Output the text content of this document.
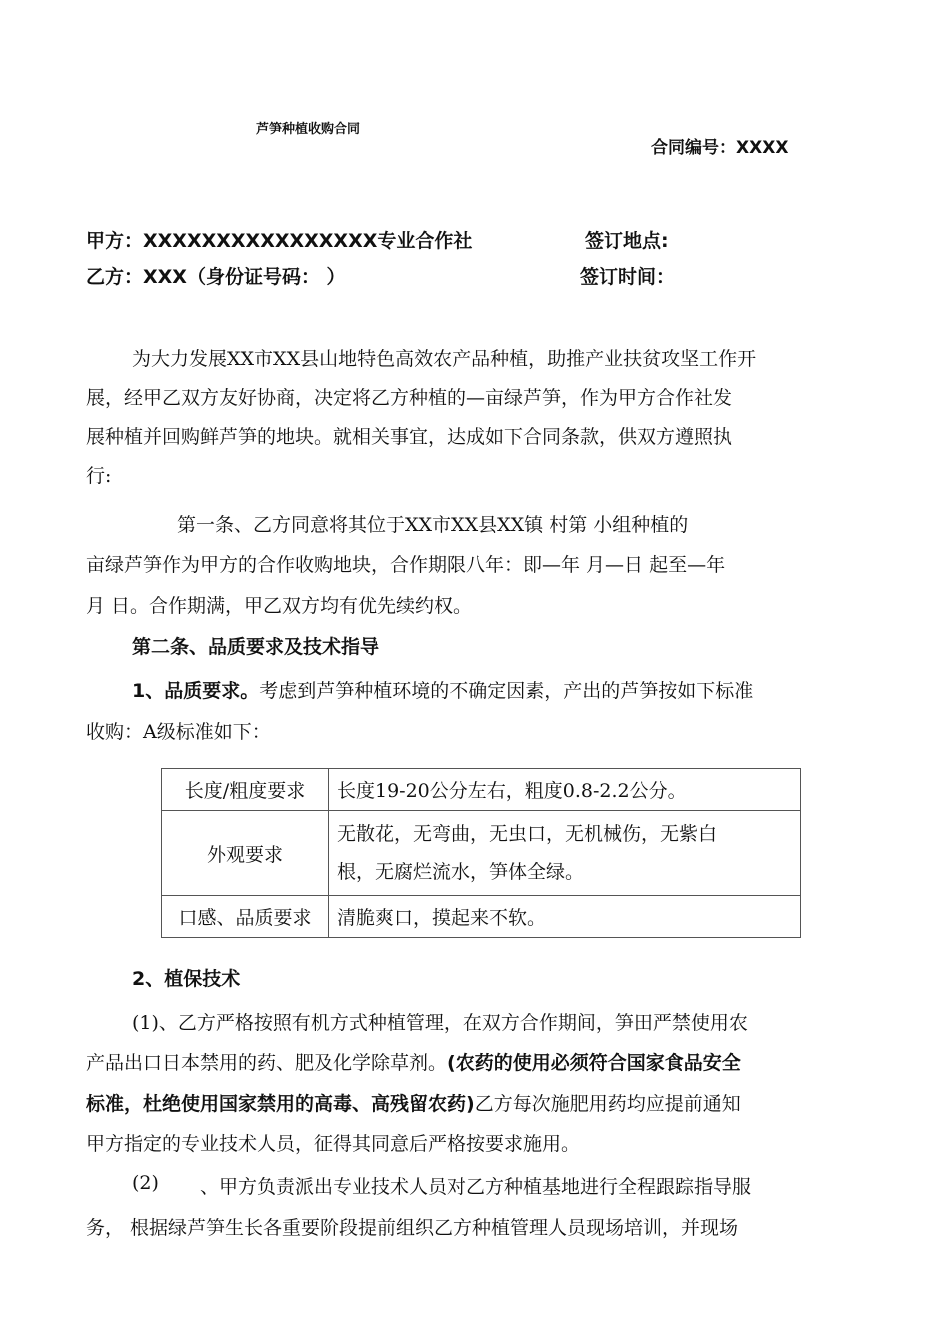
芦笋种植收购合同
合同编号：XXXX
甲方：XXXXXXXXXXXXXXXX专业合作社	签订地点:
乙方：XXX（身份证号码： ）	签订时间：
为大力发展XX市XX县山地特色高效农产品种植，助推产业扶贫攻坚工作开
展，经甲乙双方友好协商，决定将乙方种植的—亩绿芦笋，作为甲方合作社发
展种植并回购鲜芦笋的地块。就相关事宜，达成如下合同条款，供双方遵照执
行:
第一条、乙方同意将其位于XX市XX县XX镇 村第 小组种植的
亩绿芦笋作为甲方的合作收购地块，合作期限八年：即—年 月—日 起至—年
月 日。合作期满，甲乙双方均有优先续约权。
第二条、品质要求及技术指导
1、品质要求。考虑到芦笋种植环境的不确定因素，产出的芦笋按如下标准
收购：A级标准如下：
长度/粗度要求	长度19-20公分左右，粗度0.8-2.2公分。
外观要求	无散花，无弯曲，无虫口，无机械伤，无紫白
根，无腐烂流水，笋体全绿。

口感、品质要求	清脆爽口，摸起来不软。
2、植保技术
(1)、乙方严格按照有机方式种植管理，在双方合作期间，笋田严禁使用农
产品出口日本禁用的药、肥及化学除草剂。(农药的使用必须符合国家食品安全
标准，杜绝使用国家禁用的高毒、高残留农药)乙方每次施肥用药均应提前通知
甲方指定的专业技术人员，征得其同意后严格按要求施用。
(2) 、甲方负责派出专业技术人员对乙方种植基地进行全程跟踪指导服
务， 根据绿芦笋生长各重要阶段提前组织乙方种植管理人员现场培训，并现场
